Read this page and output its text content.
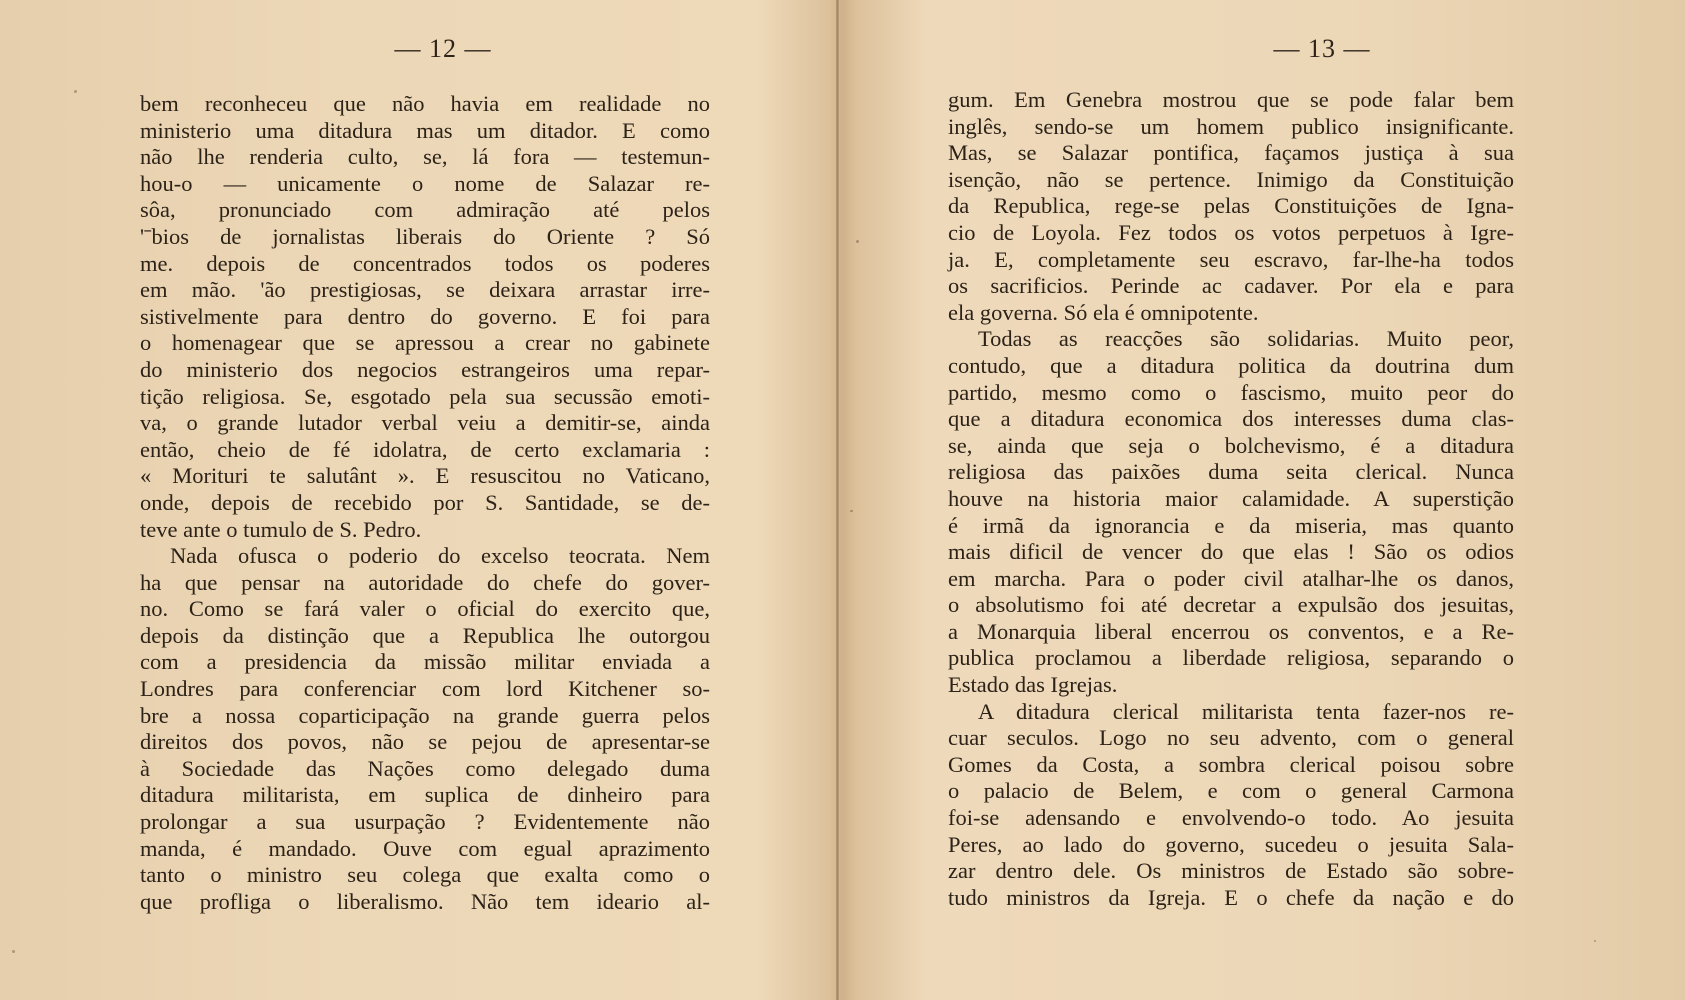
— 12 —
bem reconheceu que não havia em realidade no
ministerio uma ditadura mas um ditador. E como
não lhe renderia culto, se, lá fora — testemun-
hou-o — unicamente o nome de Salazar re-
sôa, pronunciado com admiração até pelos
'ˉbios de jornalistas liberais do Oriente ? Só
me. depois de concentrados todos os poderes
em mão. 'ão prestigiosas, se deixara arrastar irre-
sistivelmente para dentro do governo. E foi para
o homenagear que se apressou a crear no gabinete
do ministerio dos negocios estrangeiros uma repar-
tição religiosa. Se, esgotado pela sua secussão emoti-
va, o grande lutador verbal veiu a demitir-se, ainda
então, cheio de fé idolatra, de certo exclamaria :
« Morituri te salutânt ». E resuscitou no Vaticano,
onde, depois de recebido por S. Santidade, se de-
teve ante o tumulo de S. Pedro.
Nada ofusca o poderio do excelso teocrata. Nem
ha que pensar na autoridade do chefe do gover-
no. Como se fará valer o oficial do exercito que,
depois da distinção que a Republica lhe outorgou
com a presidencia da missão militar enviada a
Londres para conferenciar com lord Kitchener so-
bre a nossa coparticipação na grande guerra pelos
direitos dos povos, não se pejou de apresentar-se
à Sociedade das Nações como delegado duma
ditadura militarista, em suplica de dinheiro para
prolongar a sua usurpação ? Evidentemente não
manda, é mandado. Ouve com egual aprazimento
tanto o ministro seu colega que exalta como o
que profliga o liberalismo. Não tem ideario al-
— 13 —
gum. Em Genebra mostrou que se pode falar bem
inglês, sendo-se um homem publico insignificante.
Mas, se Salazar pontifica, façamos justiça à sua
isenção, não se pertence. Inimigo da Constituição
da Republica, rege-se pelas Constituições de Igna-
cio de Loyola. Fez todos os votos perpetuos à Igre-
ja. E, completamente seu escravo, far-lhe-ha todos
os sacrificios. Perinde ac cadaver. Por ela e para
ela governa. Só ela é omnipotente.
Todas as reacções são solidarias. Muito peor,
contudo, que a ditadura politica da doutrina dum
partido, mesmo como o fascismo, muito peor do
que a ditadura economica dos interesses duma clas-
se, ainda que seja o bolchevismo, é a ditadura
religiosa das paixões duma seita clerical. Nunca
houve na historia maior calamidade. A superstição
é irmã da ignorancia e da miseria, mas quanto
mais dificil de vencer do que elas ! São os odios
em marcha. Para o poder civil atalhar-lhe os danos,
o absolutismo foi até decretar a expulsão dos jesuitas,
a Monarquia liberal encerrou os conventos, e a Re-
publica proclamou a liberdade religiosa, separando o
Estado das Igrejas.
A ditadura clerical militarista tenta fazer-nos re-
cuar seculos. Logo no seu advento, com o general
Gomes da Costa, a sombra clerical poisou sobre
o palacio de Belem, e com o general Carmona
foi-se adensando e envolvendo-o todo. Ao jesuita
Peres, ao lado do governo, sucedeu o jesuita Sala-
zar dentro dele. Os ministros de Estado são sobre-
tudo ministros da Igreja. E o chefe da nação e do
